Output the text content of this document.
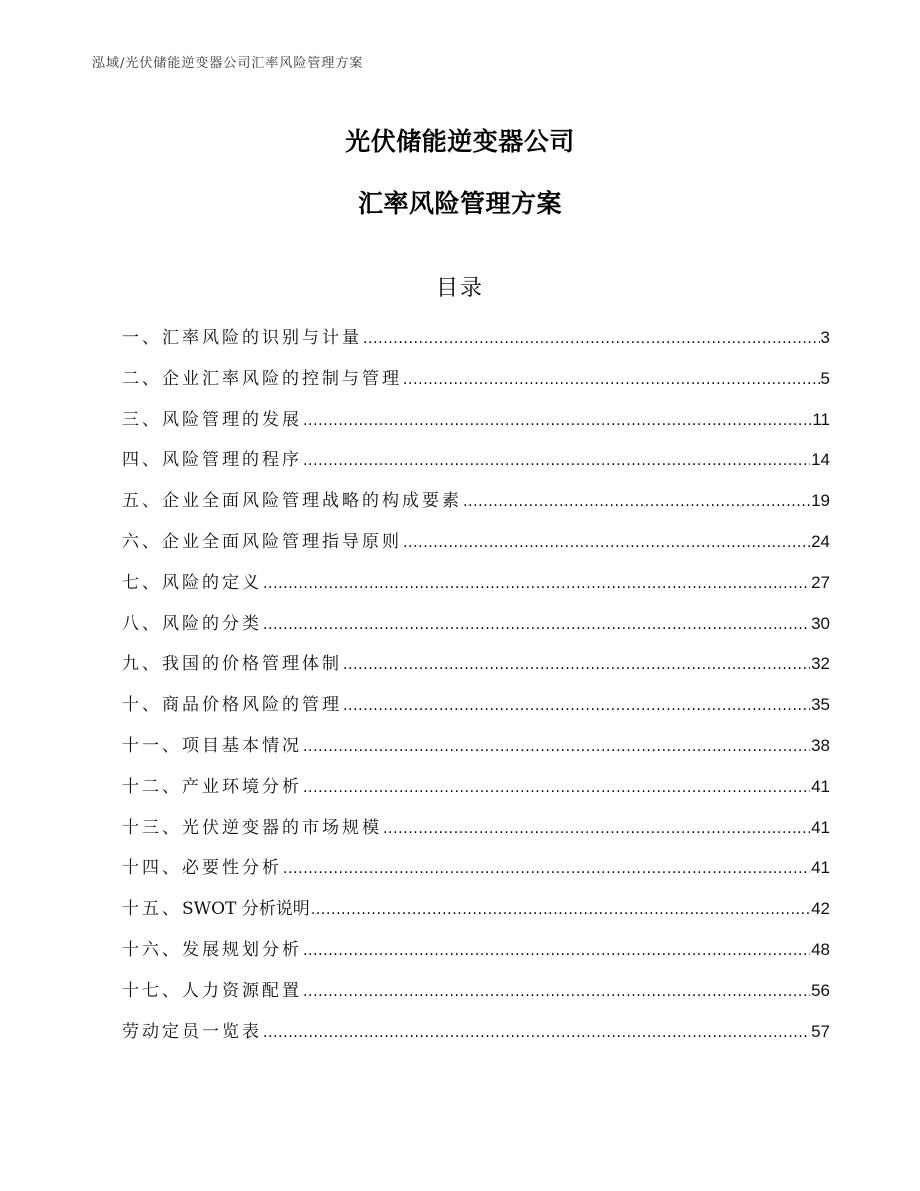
泓域/光伏储能逆变器公司汇率风险管理方案
光伏储能逆变器公司
汇率风险管理方案
目录
一、 汇率风险的识别与计量 .....	3
二、 企业汇率风险的控制与管理 .....	5
三、 风险管理的发展 .....	11
四、 风险管理的程序 .....	14
五、 企业全面风险管理战略的构成要素 .....	19
六、 企业全面风险管理指导原则 .....	24
七、 风险的定义 .....	27
八、 风险的分类 .....	30
九、 我国的价格管理体制 .....	32
十、 商品价格风险的管理 .....	35
十一、 项目基本情况 .....	38
十二、 产业环境分析 .....	41
十三、 光伏逆变器的市场规模 .....	41
十四、 必要性分析 .....	41
十五、 SWOT 分析说明 .....	42
十六、 发展规划分析 .....	48
十七、 人力资源配置 .....	56
劳动定员一览表 .....	57
